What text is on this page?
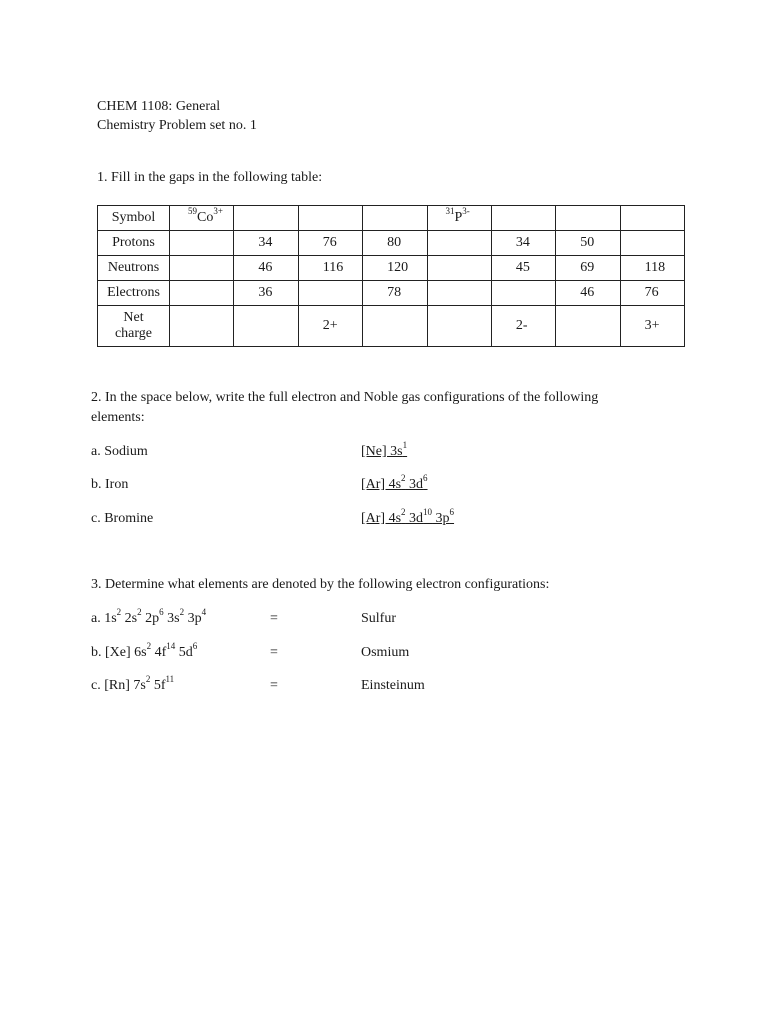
CHEM 1108: General
Chemistry Problem set no. 1
1. Fill in the gaps in the following table:
Symbol	$^{59}Co^{3+}$				$^{31}P^{3-}$			
Protons		34	76	80		34	50	
Neutrons		46	116	120		45	69	118
Electrons		36		78			46	76
Net charge			2+			2-		3+
2. In the space below, write the full electron and Noble gas configurations of the following
elements:
a. Sodium	[Ne] $3s^1$
b. Iron	[Ar] $4s^2$ $3d^6$
c. Bromine	[Ar] $4s^2$ $3d^{10}$ $3p^6$
3. Determine what elements are denoted by the following electron configurations:
a. $1s^2$ $2s^2$ $2p^6$ $3s^2$ $3p^4$	=	Sulfur
b. [Xe] $6s^2$ $4f^{14}$ $5d^6$	=	Osmium
c. [Rn] $7s^2$ $5f^{11}$	=	Einsteinum
